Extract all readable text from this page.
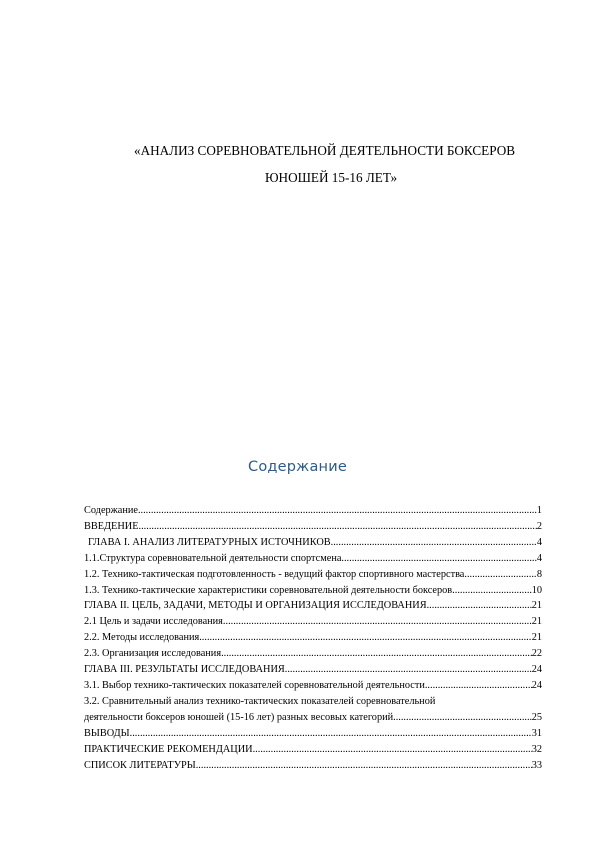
«АНАЛИЗ СОРЕВНОВАТЕЛЬНОЙ ДЕЯТЕЛЬНОСТИ БОКСЕРОВ
ЮНОШЕЙ 15-16 ЛЕТ»
Содержание
Содержание .....	1
ВВЕДЕНИЕ .....	2
ГЛАВА I. АНАЛИЗ ЛИТЕРАТУРНЫХ ИСТОЧНИКОВ .....	4
1.1.Структура соревновательной деятельности спортсмена .....	4
1.2. Технико-тактическая подготовленность - ведущий фактор спортивного мастерства .....	8
1.3. Технико-тактические характеристики соревновательной деятельности боксеров .....	10
ГЛАВА II. ЦЕЛЬ, ЗАДАЧИ, МЕТОДЫ И ОРГАНИЗАЦИЯ ИССЛЕДОВАНИЯ .....	21
2.1 Цель и задачи исследования .....	21
2.2. Методы исследования .....	21
2.3. Организация исследования .....	22
ГЛАВА III. РЕЗУЛЬТАТЫ ИССЛЕДОВАНИЯ .....	24
3.1. Выбор технико-тактических показателей соревновательной деятельности .....	24
3.2. Сравнительный анализ технико-тактических показателей соревновательной
деятельности боксеров юношей (15-16 лет) разных весовых категорий .....	25
ВЫВОДЫ .....	31
ПРАКТИЧЕСКИЕ РЕКОМЕНДАЦИИ .....	32
СПИСОК ЛИТЕРАТУРЫ .....	33
